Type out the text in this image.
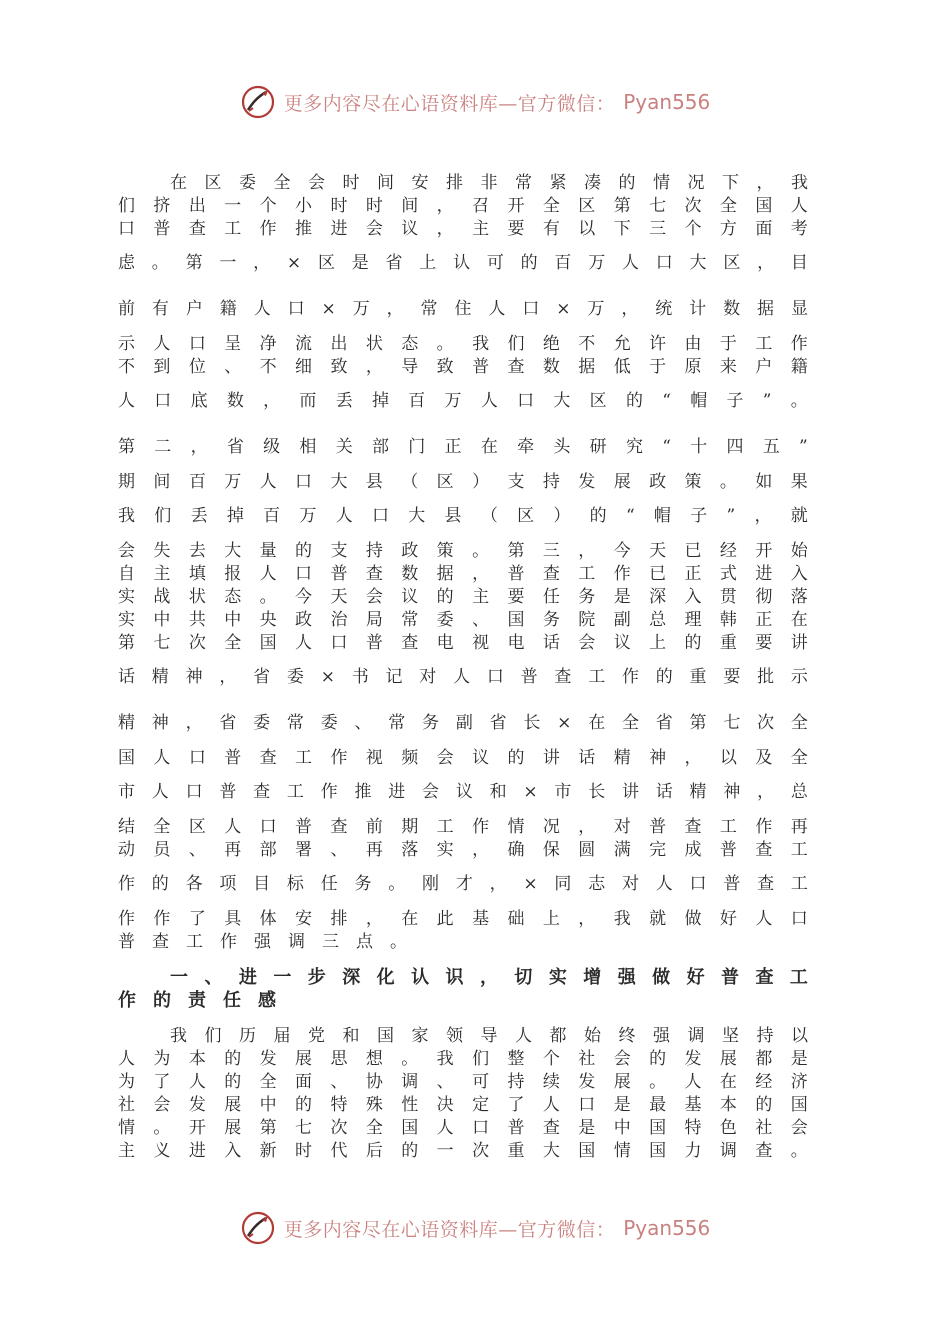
更多内容尽在心语资料库—官方微信： Pyan556
在 区 委 全 会 时 间 安 排 非 常 紧 凑 的 情 况 下 ， 我
们 挤 出 一 个 小 时 时 间 ， 召 开 全 区 第 七 次 全 国 人
口 普 查 工 作 推 进 会 议 ， 主 要 有 以 下 三 个 方 面 考
虑 。 第 一 ， × 区 是 省 上 认 可 的 百 万 人 口 大 区 ， 目
前 有 户 籍 人 口 × 万 ， 常 住 人 口 × 万 ， 统 计 数 据 显
示 人 口 呈 净 流 出 状 态 。 我 们 绝 不 允 许 由 于 工 作
不 到 位 、 不 细 致 ， 导 致 普 查 数 据 低 于 原 来 户 籍
人 口 底 数 ， 而 丢 掉 百 万 人 口 大 区 的 “ 帽 子 ” 。
第 二 ， 省 级 相 关 部 门 正 在 牵 头 研 究 “ 十 四 五 ”
期 间 百 万 人 口 大 县 （ 区 ） 支 持 发 展 政 策 。 如 果
我 们 丢 掉 百 万 人 口 大 县 （ 区 ） 的 “ 帽 子 ” ， 就
会 失 去 大 量 的 支 持 政 策 。 第 三 ， 今 天 已 经 开 始
自 主 填 报 人 口 普 查 数 据 ， 普 查 工 作 已 正 式 进 入
实 战 状 态 。 今 天 会 议 的 主 要 任 务 是 深 入 贯 彻 落
实 中 共 中 央 政 治 局 常 委 、 国 务 院 副 总 理 韩 正 在
第 七 次 全 国 人 口 普 查 电 视 电 话 会 议 上 的 重 要 讲
话 精 神 ， 省 委 × 书 记 对 人 口 普 查 工 作 的 重 要 批 示
精 神 ， 省 委 常 委 、 常 务 副 省 长 × 在 全 省 第 七 次 全
国 人 口 普 查 工 作 视 频 会 议 的 讲 话 精 神 ， 以 及 全
市 人 口 普 查 工 作 推 进 会 议 和 × 市 长 讲 话 精 神 ， 总
结 全 区 人 口 普 查 前 期 工 作 情 况 ， 对 普 查 工 作 再
动 员 、 再 部 署 、 再 落 实 ， 确 保 圆 满 完 成 普 查 工
作 的 各 项 目 标 任 务 。 刚 才 ， × 同 志 对 人 口 普 查 工
作 作 了 具 体 安 排 ， 在 此 基 础 上 ， 我 就 做 好 人 口
普 查 工 作 强 调 三 点 。
一 、 进 一 步 深 化 认 识 ， 切 实 增 强 做 好 普 查 工
作 的 责 任 感
我 们 历 届 党 和 国 家 领 导 人 都 始 终 强 调 坚 持 以
人 为 本 的 发 展 思 想 。 我 们 整 个 社 会 的 发 展 都 是
为 了 人 的 全 面 、 协 调 、 可 持 续 发 展 。 人 在 经 济
社 会 发 展 中 的 特 殊 性 决 定 了 人 口 是 最 基 本 的 国
情 。 开 展 第 七 次 全 国 人 口 普 查 是 中 国 特 色 社 会
主 义 进 入 新 时 代 后 的 一 次 重 大 国 情 国 力 调 查 。
更多内容尽在心语资料库—官方微信： Pyan556
